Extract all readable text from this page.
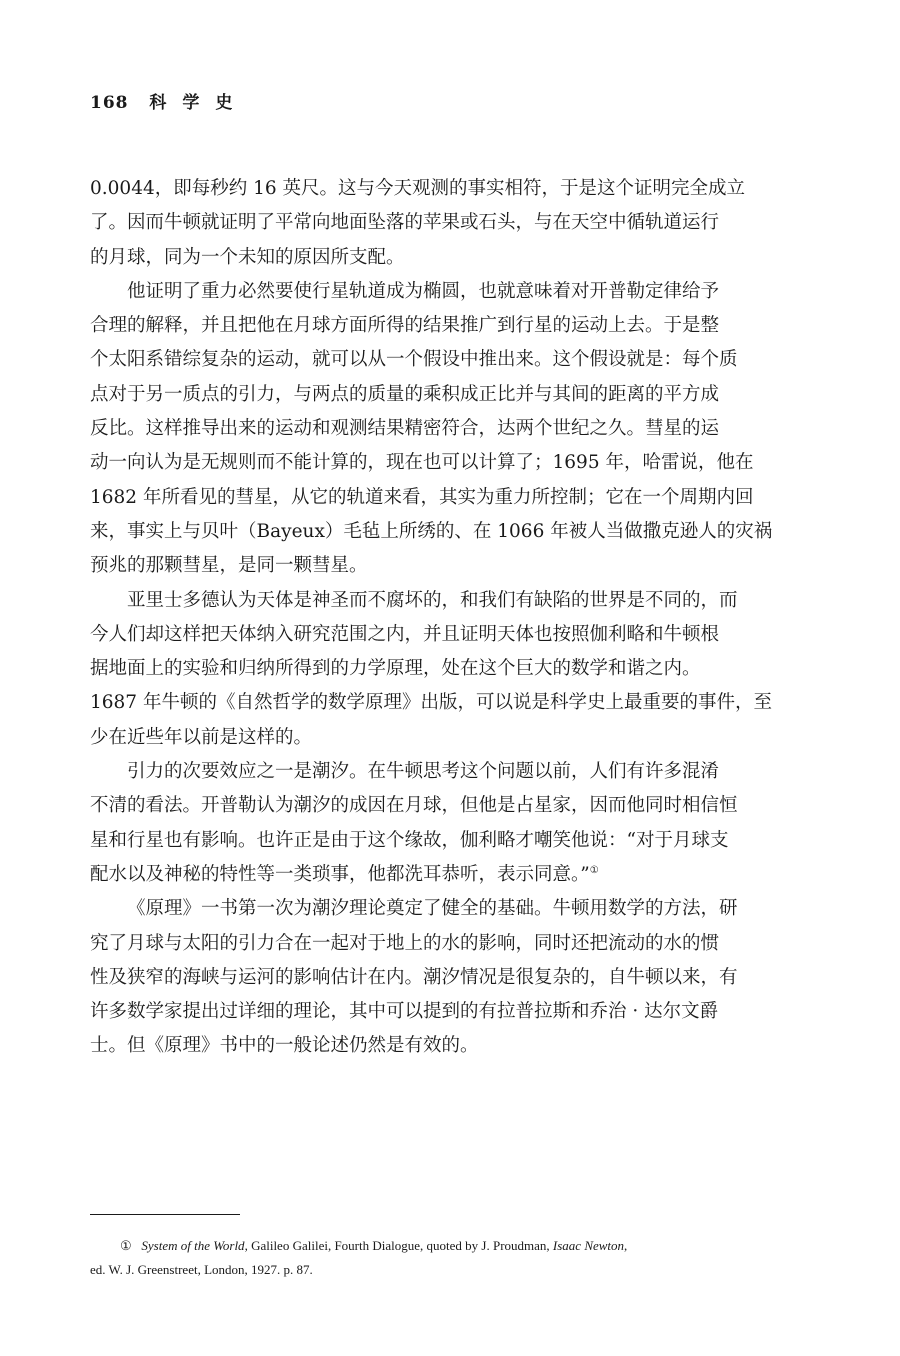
168 科学史
0.0044，即每秒约 16 英尺。这与今天观测的事实相符，于是这个证明完全成立
了。因而牛顿就证明了平常向地面坠落的苹果或石头，与在天空中循轨道运行
的月球，同为一个未知的原因所支配。
他证明了重力必然要使行星轨道成为椭圆，也就意味着对开普勒定律给予
合理的解释，并且把他在月球方面所得的结果推广到行星的运动上去。于是整
个太阳系错综复杂的运动，就可以从一个假设中推出来。这个假设就是：每个质
点对于另一质点的引力，与两点的质量的乘积成正比并与其间的距离的平方成
反比。这样推导出来的运动和观测结果精密符合，达两个世纪之久。彗星的运
动一向认为是无规则而不能计算的，现在也可以计算了；1695 年，哈雷说，他在
1682 年所看见的彗星，从它的轨道来看，其实为重力所控制；它在一个周期内回
来，事实上与贝叶（Bayeux）毛毡上所绣的、在 1066 年被人当做撒克逊人的灾祸
预兆的那颗彗星，是同一颗彗星。
亚里士多德认为天体是神圣而不腐坏的，和我们有缺陷的世界是不同的，而
今人们却这样把天体纳入研究范围之内，并且证明天体也按照伽利略和牛顿根
据地面上的实验和归纳所得到的力学原理，处在这个巨大的数学和谐之内。
1687 年牛顿的《自然哲学的数学原理》出版，可以说是科学史上最重要的事件，至
少在近些年以前是这样的。
引力的次要效应之一是潮汐。在牛顿思考这个问题以前，人们有许多混淆
不清的看法。开普勒认为潮汐的成因在月球，但他是占星家，因而他同时相信恒
星和行星也有影响。也许正是由于这个缘故，伽利略才嘲笑他说：“对于月球支
配水以及神秘的特性等一类琐事，他都洗耳恭听，表示同意。”①
《原理》一书第一次为潮汐理论奠定了健全的基础。牛顿用数学的方法，研
究了月球与太阳的引力合在一起对于地上的水的影响，同时还把流动的水的惯
性及狭窄的海峡与运河的影响估计在内。潮汐情况是很复杂的，自牛顿以来，有
许多数学家提出过详细的理论，其中可以提到的有拉普拉斯和乔治 · 达尔文爵
士。但《原理》书中的一般论述仍然是有效的。
① System of the World, Galileo Galilei, Fourth Dialogue, quoted by J. Proudman, Isaac Newton,
ed. W. J. Greenstreet, London, 1927. p. 87.
